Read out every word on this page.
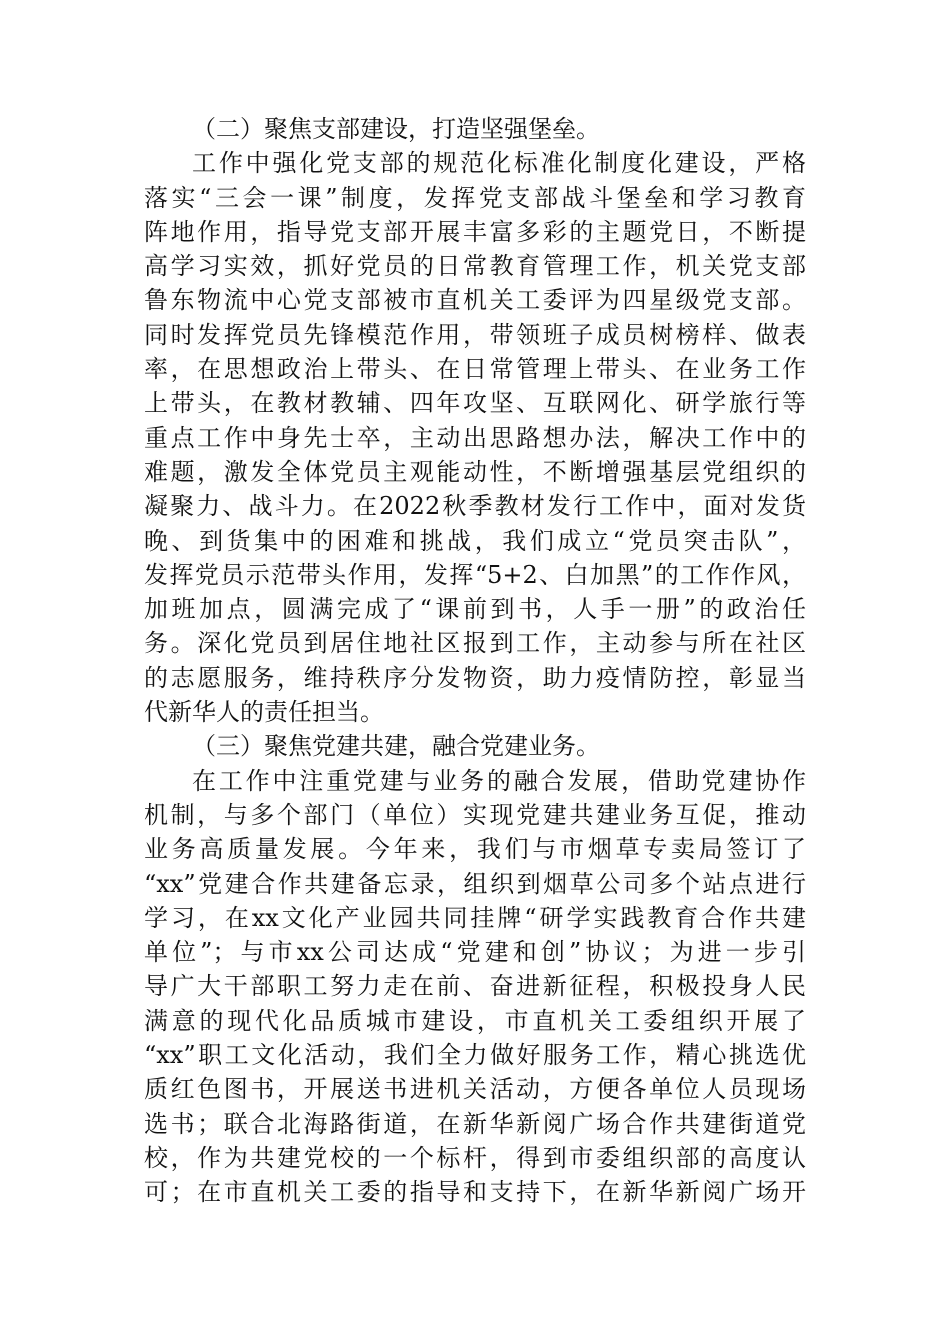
（二）聚焦支部建设，打造坚强堡垒。
工作中强化党支部的规范化标准化制度化建设，严格
落实“三会一课”制度，发挥党支部战斗堡垒和学习教育
阵地作用，指导党支部开展丰富多彩的主题党日，不断提
高学习实效，抓好党员的日常教育管理工作，机关党支部
鲁东物流中心党支部被市直机关工委评为四星级党支部。
同时发挥党员先锋模范作用，带领班子成员树榜样、做表
率，在思想政治上带头、在日常管理上带头、在业务工作
上带头，在教材教辅、四年攻坚、互联网化、研学旅行等
重点工作中身先士卒，主动出思路想办法，解决工作中的
难题，激发全体党员主观能动性，不断增强基层党组织的
凝聚力、战斗力。在2022秋季教材发行工作中，面对发货
晚、到货集中的困难和挑战，我们成立“党员突击队”，
发挥党员示范带头作用，发挥“5+2、白加黑”的工作作风，
加班加点，圆满完成了“课前到书，人手一册”的政治任
务。深化党员到居住地社区报到工作，主动参与所在社区
的志愿服务，维持秩序分发物资，助力疫情防控，彰显当
代新华人的责任担当。
（三）聚焦党建共建，融合党建业务。
在工作中注重党建与业务的融合发展，借助党建协作
机制，与多个部门（单位）实现党建共建业务互促，推动
业务高质量发展。今年来，我们与市烟草专卖局签订了
“xx”党建合作共建备忘录，组织到烟草公司多个站点进行
学习，在xx文化产业园共同挂牌“研学实践教育合作共建
单位”；与市xx公司达成“党建和创”协议；为进一步引
导广大干部职工努力走在前、奋进新征程，积极投身人民
满意的现代化品质城市建设，市直机关工委组织开展了
“xx”职工文化活动，我们全力做好服务工作，精心挑选优
质红色图书，开展送书进机关活动，方便各单位人员现场
选书；联合北海路街道，在新华新阅广场合作共建街道党
校，作为共建党校的一个标杆，得到市委组织部的高度认
可；在市直机关工委的指导和支持下，在新华新阅广场开
